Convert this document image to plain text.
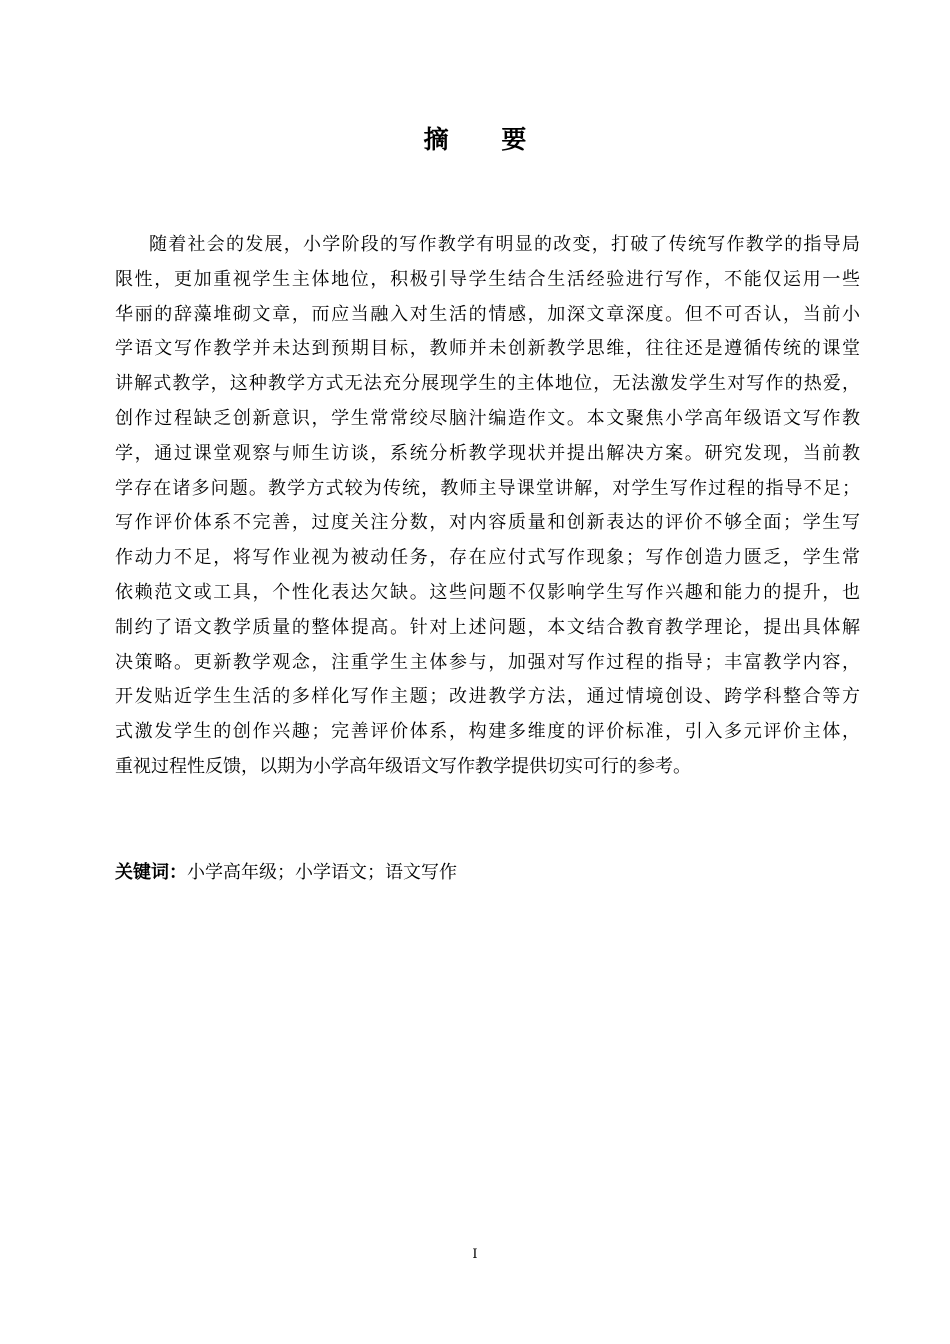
摘 要
随着社会的发展，小学阶段的写作教学有明显的改变，打破了传统写作教学的指导局
限性，更加重视学生主体地位，积极引导学生结合生活经验进行写作，不能仅运用一些
华丽的辞藻堆砌文章，而应当融入对生活的情感，加深文章深度。但不可否认，当前小
学语文写作教学并未达到预期目标，教师并未创新教学思维，往往还是遵循传统的课堂
讲解式教学，这种教学方式无法充分展现学生的主体地位，无法激发学生对写作的热爱，
创作过程缺乏创新意识，学生常常绞尽脑汁编造作文。本文聚焦小学高年级语文写作教
学，通过课堂观察与师生访谈，系统分析教学现状并提出解决方案。研究发现，当前教
学存在诸多问题。教学方式较为传统，教师主导课堂讲解，对学生写作过程的指导不足；
写作评价体系不完善，过度关注分数，对内容质量和创新表达的评价不够全面；学生写
作动力不足，将写作业视为被动任务，存在应付式写作现象；写作创造力匮乏，学生常
依赖范文或工具，个性化表达欠缺。这些问题不仅影响学生写作兴趣和能力的提升，也
制约了语文教学质量的整体提高。针对上述问题，本文结合教育教学理论，提出具体解
决策略。更新教学观念，注重学生主体参与，加强对写作过程的指导；丰富教学内容，
开发贴近学生生活的多样化写作主题；改进教学方法，通过情境创设、跨学科整合等方
式激发学生的创作兴趣；完善评价体系，构建多维度的评价标准，引入多元评价主体，
重视过程性反馈，以期为小学高年级语文写作教学提供切实可行的参考。
关键词：小学高年级；小学语文；语文写作
I
